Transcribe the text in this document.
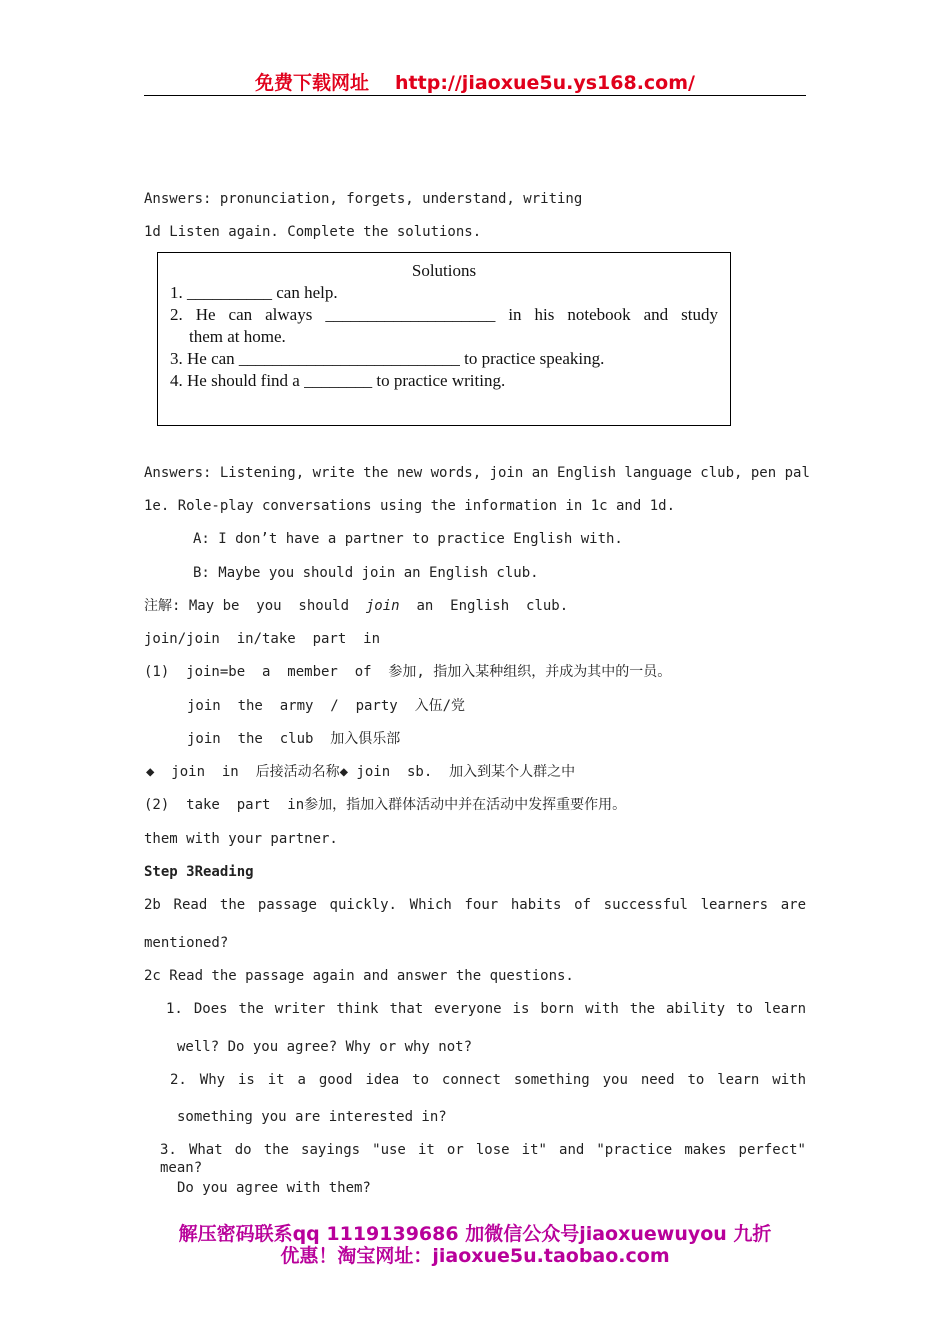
免费下载网址 http://jiaoxue5u.ys168.com/
Answers: pronunciation, forgets, understand, writing
1d Listen again. Complete the solutions.
Solutions
1. __________ can help.
2. He can always ____________________ in his notebook and study
them at home.
3. He can __________________________ to practice speaking.
4. He should find a ________ to practice writing.
Answers: Listening, write the new words, join an English language club, pen pal
1e. Role-play conversations using the information in 1c and 1d.
A: I don’t have a partner to practice English with.
B: Maybe you should join an English club.
注解: May be  you  should  join  an  English  club.
join/join  in/take  part  in
(1)  join=be  a  member  of  参加, 指加入某种组织，并成为其中的一员。
join  the  army  /  party  入伍/党
join  the  club  加入俱乐部
◆  join  in  后接活动名称◆ join  sb.  加入到某个人群之中
(2)  take  part  in参加，指加入群体活动中并在活动中发挥重要作用。
them with your partner.
Step 3Reading
2b Read the passage quickly. Which four habits of successful learners are
mentioned?
2c Read the passage again and answer the questions.
1. Does the writer think that everyone is born with the ability to learn
well? Do you agree? Why or why not?
2. Why is it a good idea to connect something you need to learn with
something you are interested in?
3. What do the sayings "use it or lose it" and "practice makes perfect" mean?
Do you agree with them?
解压密码联系qq 1119139686 加微信公众号jiaoxuewuyou 九折
优惠！淘宝网址：jiaoxue5u.taobao.com
